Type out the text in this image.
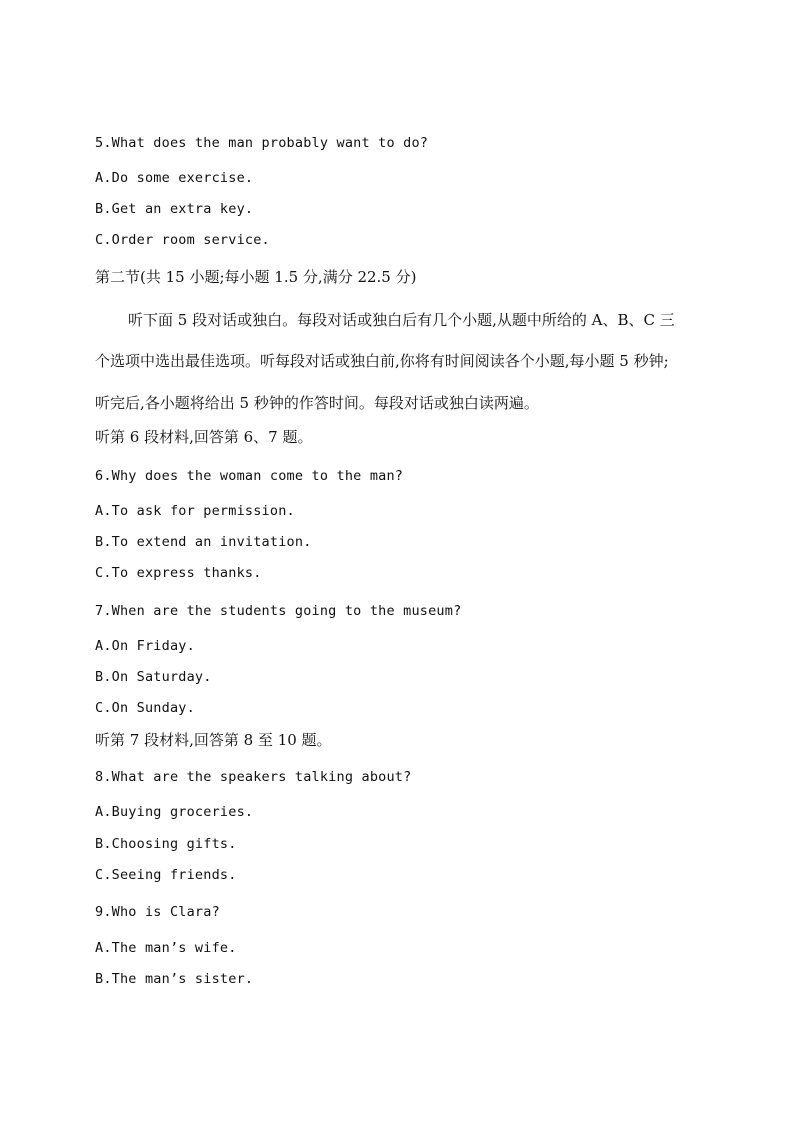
5.What does the man probably want to do?
A.Do some exercise.
B.Get an extra key.
C.Order room service.
第二节(共 15 小题;每小题 1.5 分,满分 22.5 分)
听下面 5 段对话或独白。每段对话或独白后有几个小题,从题中所给的 A、B、C 三
个选项中选出最佳选项。听每段对话或独白前,你将有时间阅读各个小题,每小题 5 秒钟;
听完后,各小题将给出 5 秒钟的作答时间。每段对话或独白读两遍。
听第 6 段材料,回答第 6、7 题。
6.Why does the woman come to the man?
A.To ask for permission.
B.To extend an invitation.
C.To express thanks.
7.When are the students going to the museum?
A.On Friday.
B.On Saturday.
C.On Sunday.
听第 7 段材料,回答第 8 至 10 题。
8.What are the speakers talking about?
A.Buying groceries.
B.Choosing gifts.
C.Seeing friends.
9.Who is Clara?
A.The man’s wife.
B.The man’s sister.
